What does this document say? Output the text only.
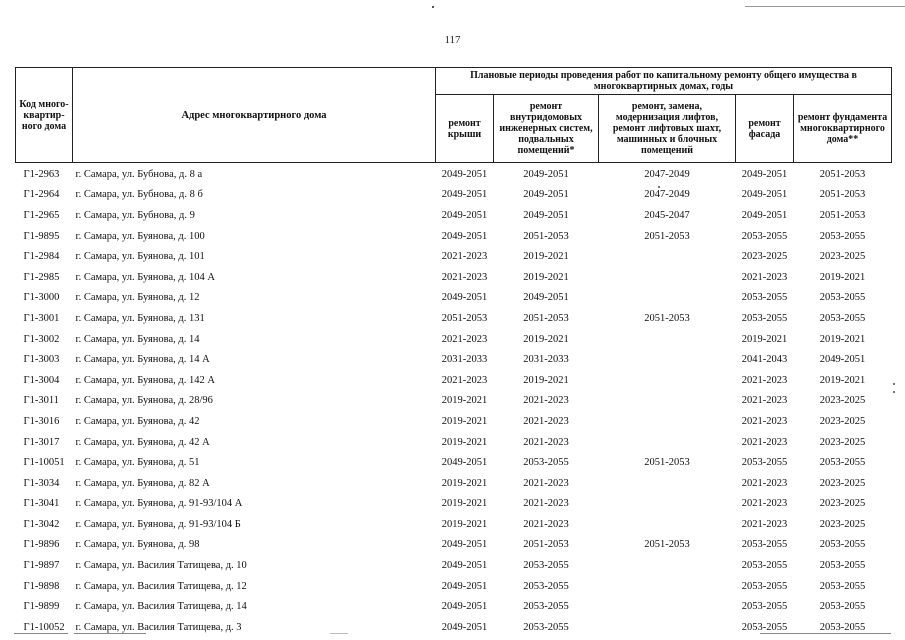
117
Код много-квартир-ного дома	Адрес многоквартирного дома	Плановые периоды проведения работ по капитальному ремонту общего имущества в многоквартирных домах, годы				
		ремонт крыши	ремонт внутридомовых инженерных систем, подвальных помещений*	ремонт, замена, модернизация лифтов, ремонт лифтовых шахт, машинных и блочных помещений	ремонт фасада	ремонт фундамента многоквартирного дома**
Г1-2963	г. Самара, ул. Бубнова, д. 8 а	2049-2051	2049-2051	2047-2049	2049-2051	2051-2053
Г1-2964	г. Самара, ул. Бубнова, д. 8 б	2049-2051	2049-2051	2047-2049	2049-2051	2051-2053
Г1-2965	г. Самара, ул. Бубнова, д. 9	2049-2051	2049-2051	2045-2047	2049-2051	2051-2053
Г1-9895	г. Самара, ул. Буянова, д. 100	2049-2051	2051-2053	2051-2053	2053-2055	2053-2055
Г1-2984	г. Самара, ул. Буянова, д. 101	2021-2023	2019-2021		2023-2025	2023-2025
Г1-2985	г. Самара, ул. Буянова, д. 104 А	2021-2023	2019-2021		2021-2023	2019-2021
Г1-3000	г. Самара, ул. Буянова, д. 12	2049-2051	2049-2051		2053-2055	2053-2055
Г1-3001	г. Самара, ул. Буянова, д. 131	2051-2053	2051-2053	2051-2053	2053-2055	2053-2055
Г1-3002	г. Самара, ул. Буянова, д. 14	2021-2023	2019-2021		2019-2021	2019-2021
Г1-3003	г. Самара, ул. Буянова, д. 14 А	2031-2033	2031-2033		2041-2043	2049-2051
Г1-3004	г. Самара, ул. Буянова, д. 142 А	2021-2023	2019-2021		2021-2023	2019-2021
Г1-3011	г. Самара, ул. Буянова, д. 28/96	2019-2021	2021-2023		2021-2023	2023-2025
Г1-3016	г. Самара, ул. Буянова, д. 42	2019-2021	2021-2023		2021-2023	2023-2025
Г1-3017	г. Самара, ул. Буянова, д. 42 А	2019-2021	2021-2023		2021-2023	2023-2025
Г1-10051	г. Самара, ул. Буянова, д. 51	2049-2051	2053-2055	2051-2053	2053-2055	2053-2055
Г1-3034	г. Самара, ул. Буянова, д. 82 А	2019-2021	2021-2023		2021-2023	2023-2025
Г1-3041	г. Самара, ул. Буянова, д. 91-93/104 А	2019-2021	2021-2023		2021-2023	2023-2025
Г1-3042	г. Самара, ул. Буянова, д. 91-93/104 Б	2019-2021	2021-2023		2021-2023	2023-2025
Г1-9896	г. Самара, ул. Буянова, д. 98	2049-2051	2051-2053	2051-2053	2053-2055	2053-2055
Г1-9897	г. Самара, ул. Василия Татищева, д. 10	2049-2051	2053-2055		2053-2055	2053-2055
Г1-9898	г. Самара, ул. Василия Татищева, д. 12	2049-2051	2053-2055		2053-2055	2053-2055
Г1-9899	г. Самара, ул. Василия Татищева, д. 14	2049-2051	2053-2055		2053-2055	2053-2055
Г1-10052	г. Самара, ул. Василия Татищева, д. 3	2049-2051	2053-2055		2053-2055	2053-2055
